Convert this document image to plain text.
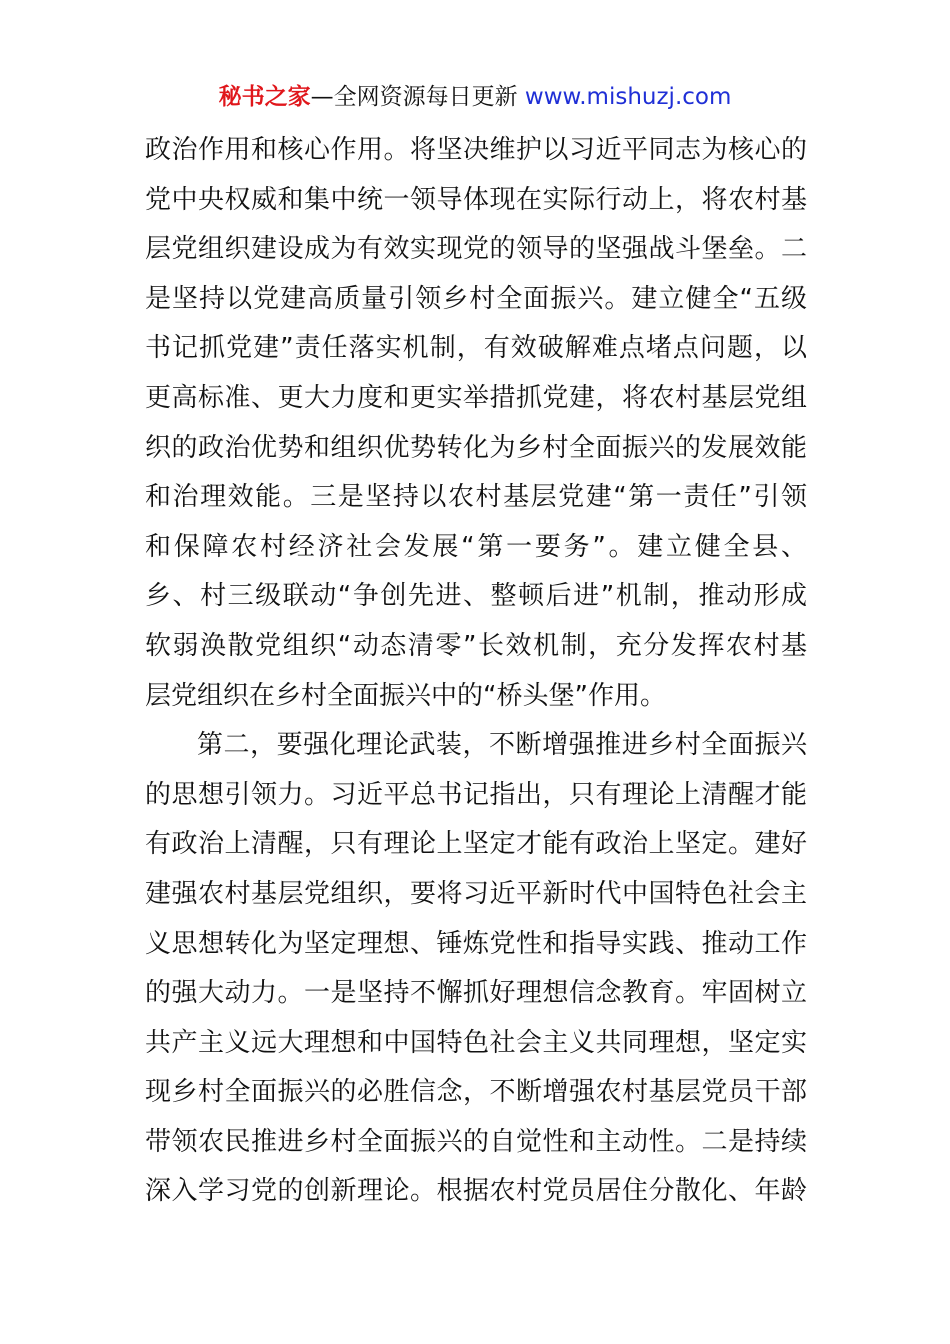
秘书之家—全网资源每日更新 www.mishuzj.com
政治作用和核心作用。将坚决维护以习近平同志为核心的
党中央权威和集中统一领导体现在实际行动上，将农村基
层党组织建设成为有效实现党的领导的坚强战斗堡垒。二
是坚持以党建高质量引领乡村全面振兴。建立健全“五级
书记抓党建”责任落实机制，有效破解难点堵点问题，以
更高标准、更大力度和更实举措抓党建，将农村基层党组
织的政治优势和组织优势转化为乡村全面振兴的发展效能
和治理效能。三是坚持以农村基层党建“第一责任”引领
和保障农村经济社会发展“第一要务”。建立健全县、
乡、村三级联动“争创先进、整顿后进”机制，推动形成
软弱涣散党组织“动态清零”长效机制，充分发挥农村基
层党组织在乡村全面振兴中的“桥头堡”作用。
第二，要强化理论武装，不断增强推进乡村全面振兴
的思想引领力。习近平总书记指出，只有理论上清醒才能
有政治上清醒，只有理论上坚定才能有政治上坚定。建好
建强农村基层党组织，要将习近平新时代中国特色社会主
义思想转化为坚定理想、锤炼党性和指导实践、推动工作
的强大动力。一是坚持不懈抓好理想信念教育。牢固树立
共产主义远大理想和中国特色社会主义共同理想，坚定实
现乡村全面振兴的必胜信念，不断增强农村基层党员干部
带领农民推进乡村全面振兴的自觉性和主动性。二是持续
深入学习党的创新理论。根据农村党员居住分散化、年龄
